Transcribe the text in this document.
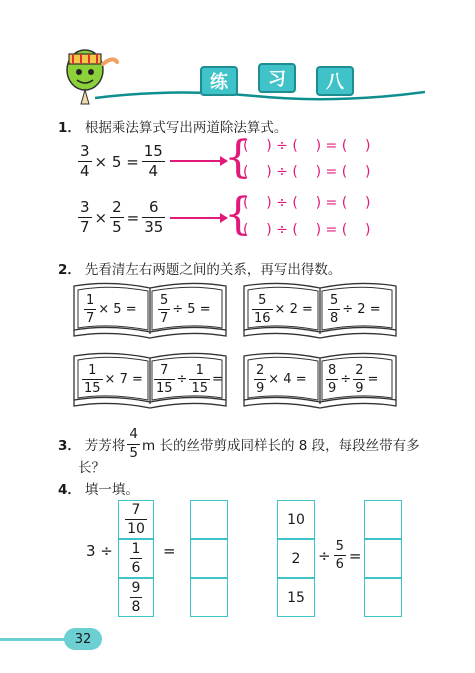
练	习	八
1． 根据乘法算式写出两道除法算式。
$\frac{3}{4} \times 5 = \frac{15}{4}$ {
(    ) ÷ (    ) = (    )
(    ) ÷ (    ) = (    )
$\frac{3}{7} \times \frac{2}{5} = \frac{6}{35}$ {
(    ) ÷ (    ) = (    )
(    ) ÷ (    ) = (    )
2． 先看清左右两题之间的关系，再写出得数。
$\frac{1}{7} \times 5 = \frac{5}{7} \div 5$ =	$\frac{5}{16} \times 2 = \frac{5}{8} \div 2$ =
$\frac{1}{15} \times 7 = \frac{7}{15} \div \frac{1}{15} = \frac{2}{9} \times 4 = \frac{8}{9} \div \frac{2}{9}$ =
3． 芳芳将 $\frac{4}{5}$ m 长的丝带剪成同样长的 8 段，每段丝带有多
长？
4． 填一填。
3 ÷
$\frac{7}{10}$
$\frac{1}{6}$
$\frac{9}{8}$
=
10
2
15
÷ $\frac{5}{6}$ =
32
